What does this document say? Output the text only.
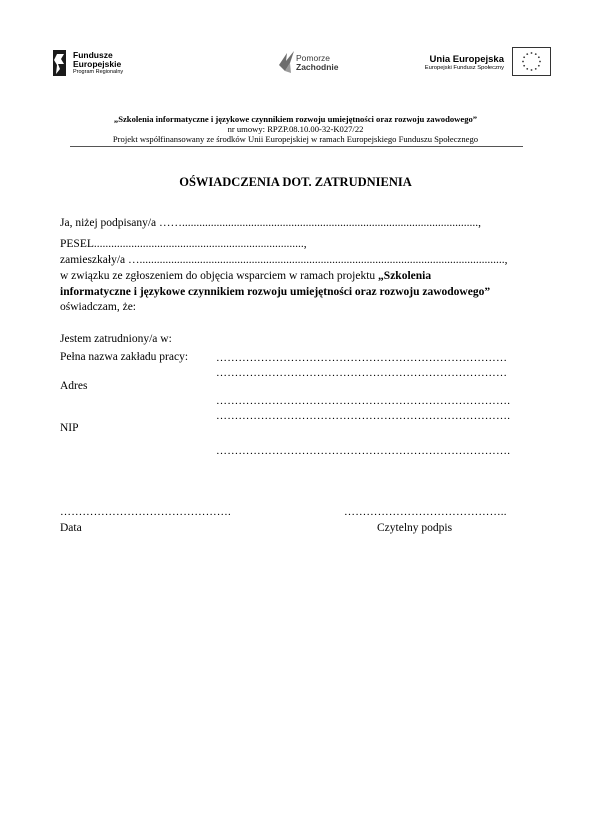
Fundusze
Europejskie
Program Regionalny
Pomorze
Zachodnie
Unia Europejska
Europejski Fundusz Społeczny
„Szkolenia informatyczne i językowe czynnikiem rozwoju umiejętności oraz rozwoju zawodowego”
nr umowy: RPZP.08.10.00-32-K027/22
Projekt współfinansowany ze środków Unii Europejskiej w ramach Europejskiego Funduszu Społecznego
OŚWIADCZENIA DOT. ZATRUDNIENIA
Ja, niżej podpisany/a …….......................................................................................................,
PESEL.........................................................................,
zamieszkały/a …...............................................................................................................................,
w związku ze zgłoszeniem do objęcia wsparciem w ramach projektu „Szkolenia
informatyczne i językowe czynnikiem rozwoju umiejętności oraz rozwoju zawodowego”
oświadczam, że:
Jestem zatrudniony/a w:
Pełna nazwa zakładu pracy:	……………………………………………………………………
……………………………………………………………………
Adres
…………………………………………………………………….
…………………………………………………………………….
NIP
…………………………………………………………………….
……………………………………….
Data
……………………………………..
Czytelny podpis
